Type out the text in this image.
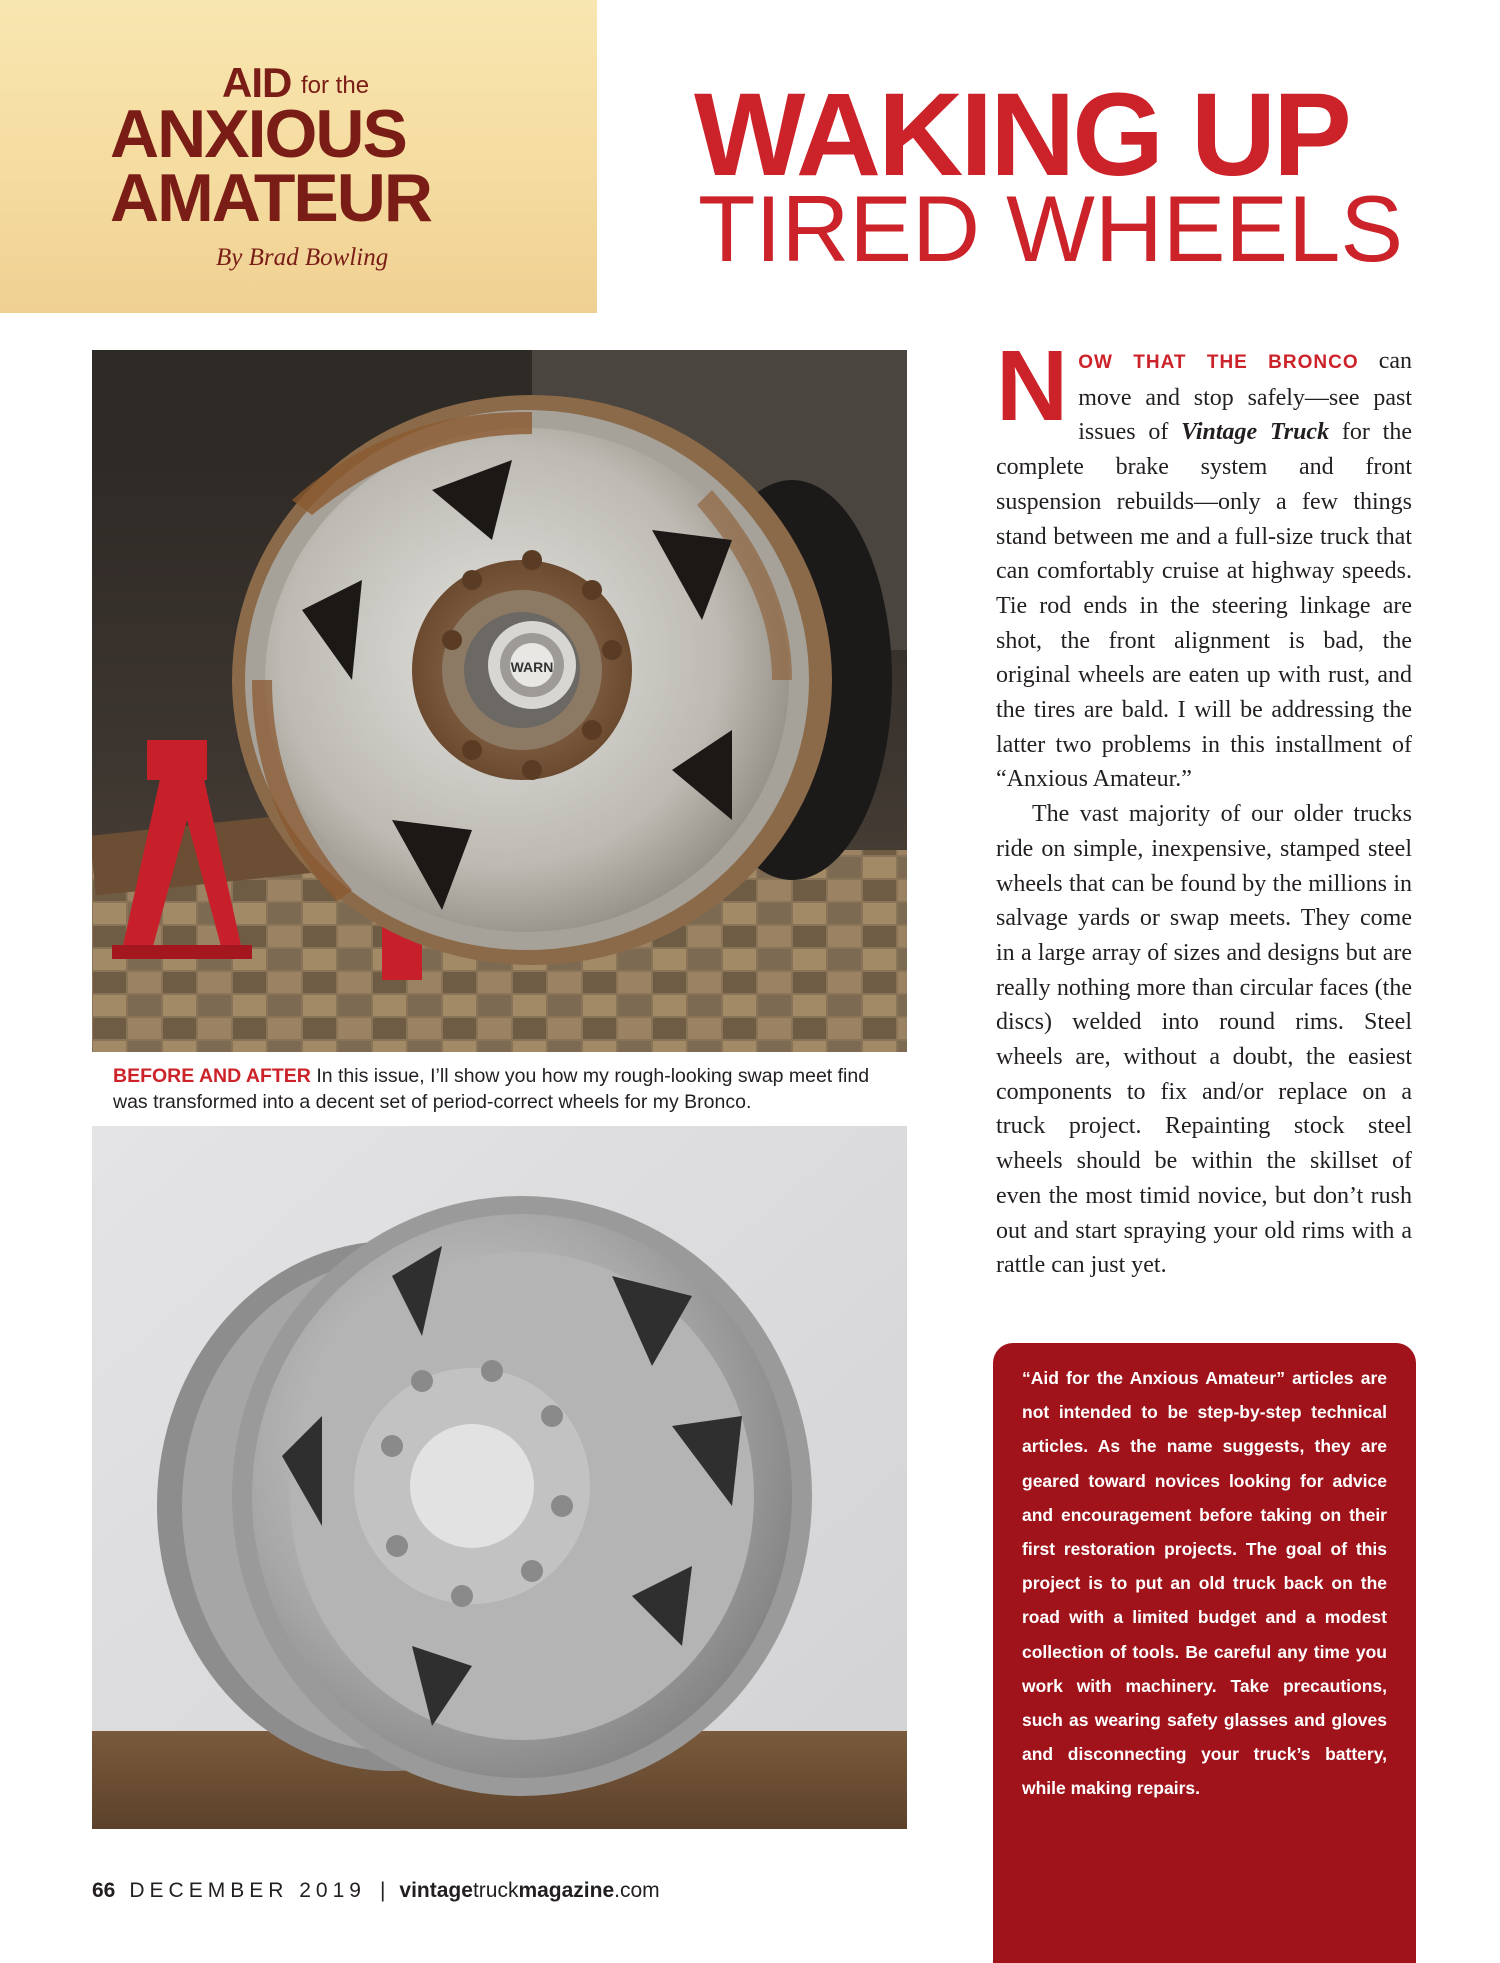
AID for the
ANXIOUS
AMATEUR
By Brad Bowling
WAKING UP
TIRED WHEELS
WARN
BEFORE AND AFTER In this issue, I’ll show you how my rough-looking swap meet find was transformed into a decent set of period-correct wheels for my Bronco.

NOW THAT THE BRONCO can move and stop safely—see past issues of Vintage Truck for the complete brake system and front suspension rebuilds—only a few things stand between me and a full-size truck that can comfortably cruise at highway speeds. Tie rod ends in the steering linkage are shot, the front alignment is bad, the original wheels are eaten up with rust, and the tires are bald. I will be addressing the latter two problems in this installment of “Anxious Amateur.”

The vast majority of our older trucks ride on simple, inexpensive, stamped steel wheels that can be found by the millions in salvage yards or swap meets. They come in a large array of sizes and designs but are really nothing more than circular faces (the discs) welded into round rims. Steel wheels are, without a doubt, the easiest components to fix and/or replace on a truck project. Repainting stock steel wheels should be within the skillset of even the most timid novice, but don’t rush out and start spraying your old rims with a rattle can just yet.

“Aid for the Anxious Amateur” articles are not intended to be step-by-step technical articles. As the name suggests, they are geared toward novices looking for advice and encouragement before taking on their first restoration projects. The goal of this project is to put an old truck back on the road with a limited budget and a modest collection of tools. Be careful any time you work with machinery. Take precautions, such as wearing safety glasses and gloves and disconnecting your truck’s battery, while making repairs.

66 DECEMBER 2019 | vintagetruckmagazine.com
